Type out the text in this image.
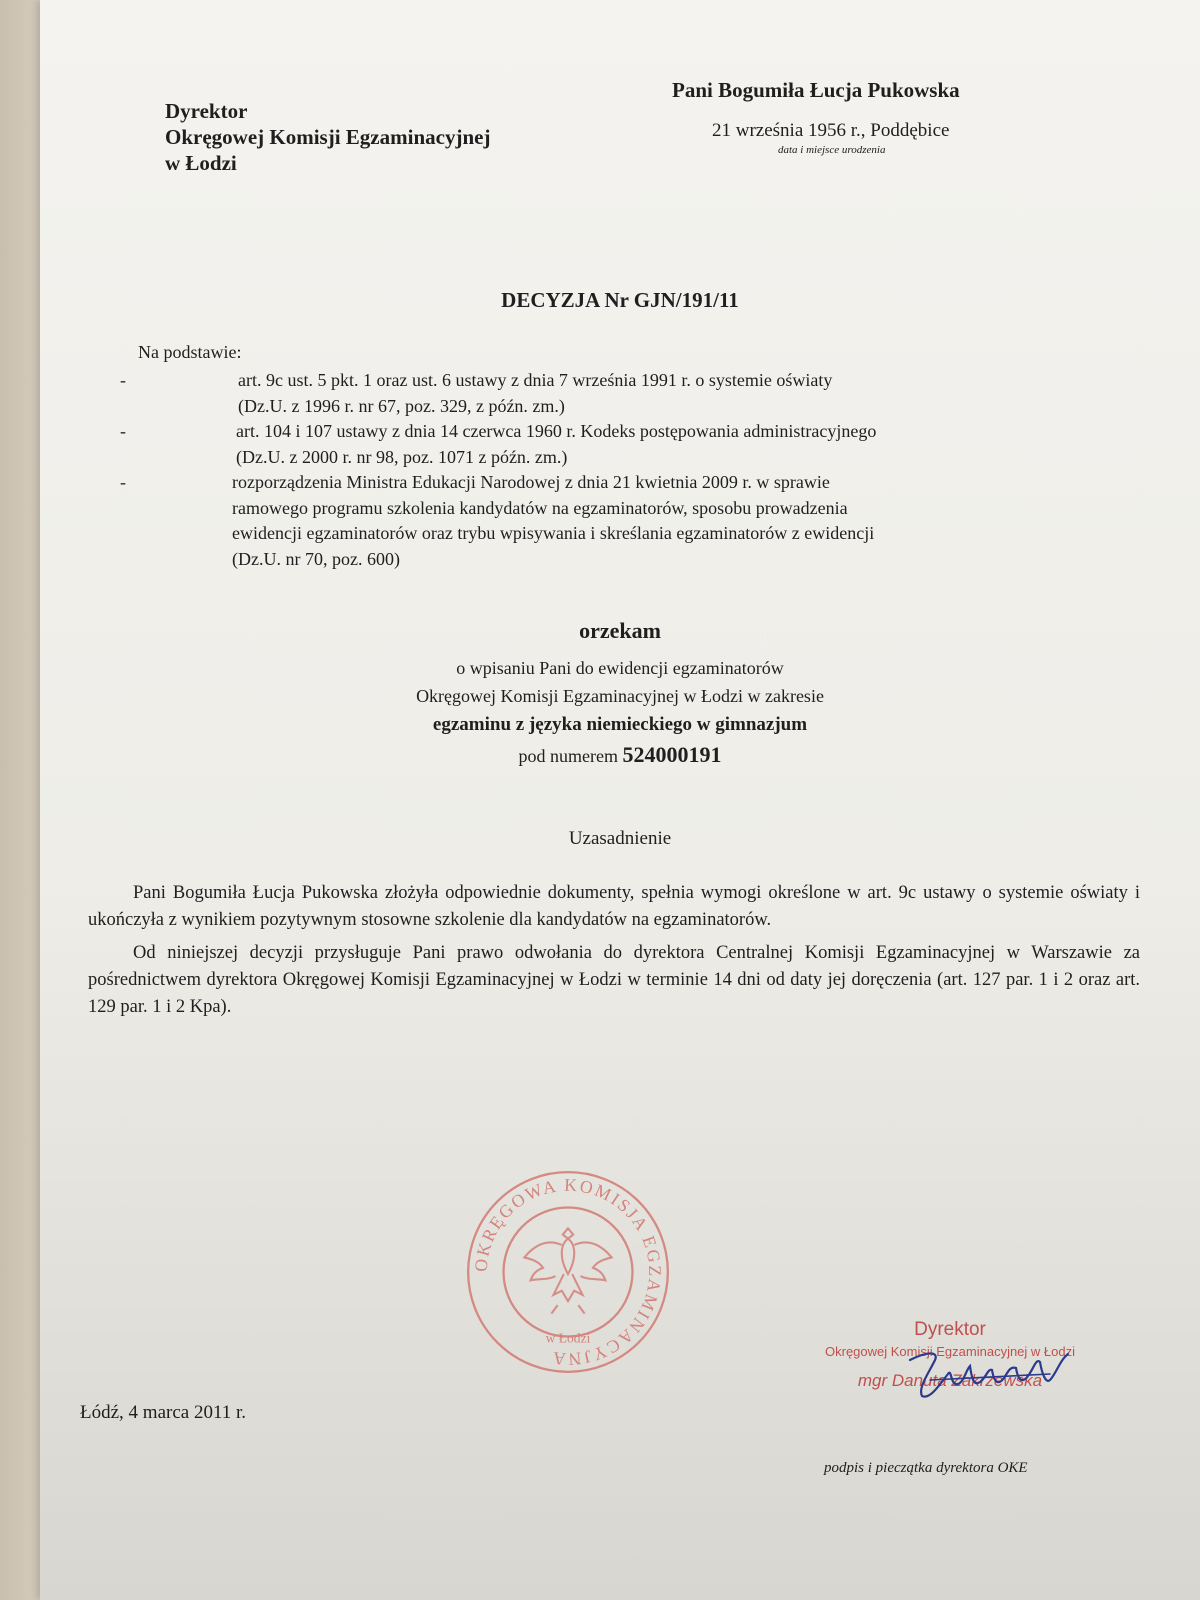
Dyrektor
Okręgowej Komisji Egzaminacyjnej
w Łodzi
Pani Bogumiła Łucja Pukowska
21 września 1956 r., Poddębice
data i miejsce urodzenia
DECYZJA Nr GJN/191/11
Na podstawie:
-	art. 9c ust. 5 pkt. 1 oraz ust. 6 ustawy z dnia 7 września 1991 r. o systemie oświaty
(Dz.U. z 1996 r. nr 67, poz. 329, z późn. zm.)
-	art. 104 i 107 ustawy z dnia 14 czerwca 1960 r. Kodeks postępowania administracyjnego
(Dz.U. z 2000 r. nr 98, poz. 1071 z późn. zm.)
-	rozporządzenia Ministra Edukacji Narodowej z dnia 21 kwietnia 2009 r. w sprawie
ramowego programu szkolenia kandydatów na egzaminatorów, sposobu prowadzenia
ewidencji egzaminatorów oraz trybu wpisywania i skreślania egzaminatorów z ewidencji
(Dz.U. nr 70, poz. 600)
orzekam
o wpisaniu Pani do ewidencji egzaminatorów
Okręgowej Komisji Egzaminacyjnej w Łodzi w zakresie
egzaminu z języka niemieckiego w gimnazjum
pod numerem 524000191
Uzasadnienie

Pani Bogumiła Łucja Pukowska złożyła odpowiednie dokumenty, spełnia wymogi określone w art. 9c ustawy o systemie oświaty i ukończyła z wynikiem pozytywnym stosowne szkolenie dla kandydatów na egzaminatorów.

Od niniejszej decyzji przysługuje Pani prawo odwołania do dyrektora Centralnej Komisji Egzaminacyjnej w Warszawie za pośrednictwem dyrektora Okręgowej Komisji Egzaminacyjnej w Łodzi w terminie 14 dni od daty jej doręczenia (art. 127 par. 1 i 2 oraz art. 129 par. 1 i 2 Kpa).

OKRĘGOWA KOMISJA EGZAMINACYJNA
w Łodzi
Łódź, 4 marca 2011 r.
Dyrektor
Okręgowej Komisji Egzaminacyjnej w Łodzi
mgr Danuta Zakrzewska
podpis i pieczątka dyrektora OKE
